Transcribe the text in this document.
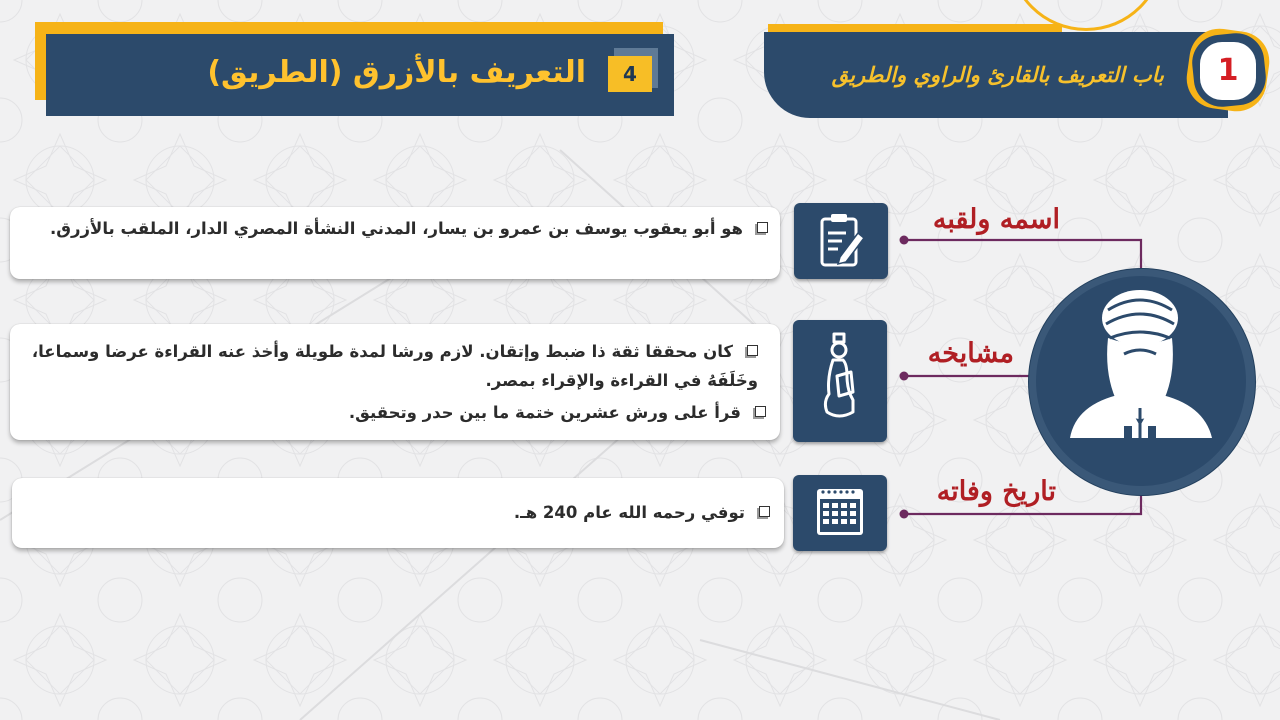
التعريف بالأزرق (الطريق)	4	باب التعريف بالقارئ والراوي والطريق	1
هو أبو يعقوب يوسف بن عمرو بن يسار، المدني النشأة المصري الدار، الملقب بالأزرق.	اسمه ولقبه
كان محققا ثقة ذا ضبط وإتقان. لازم ورشا لمدة طويلة وأخذ عنه القراءة عرضا وسماعا، وخَلَفَهُ في القراءة والإقراء بمصر.
قرأ على ورش عشرين ختمة ما بين حدر وتحقيق.
مشايخه
توفي رحمه الله عام 240 هـ.
تاريخ وفاته
